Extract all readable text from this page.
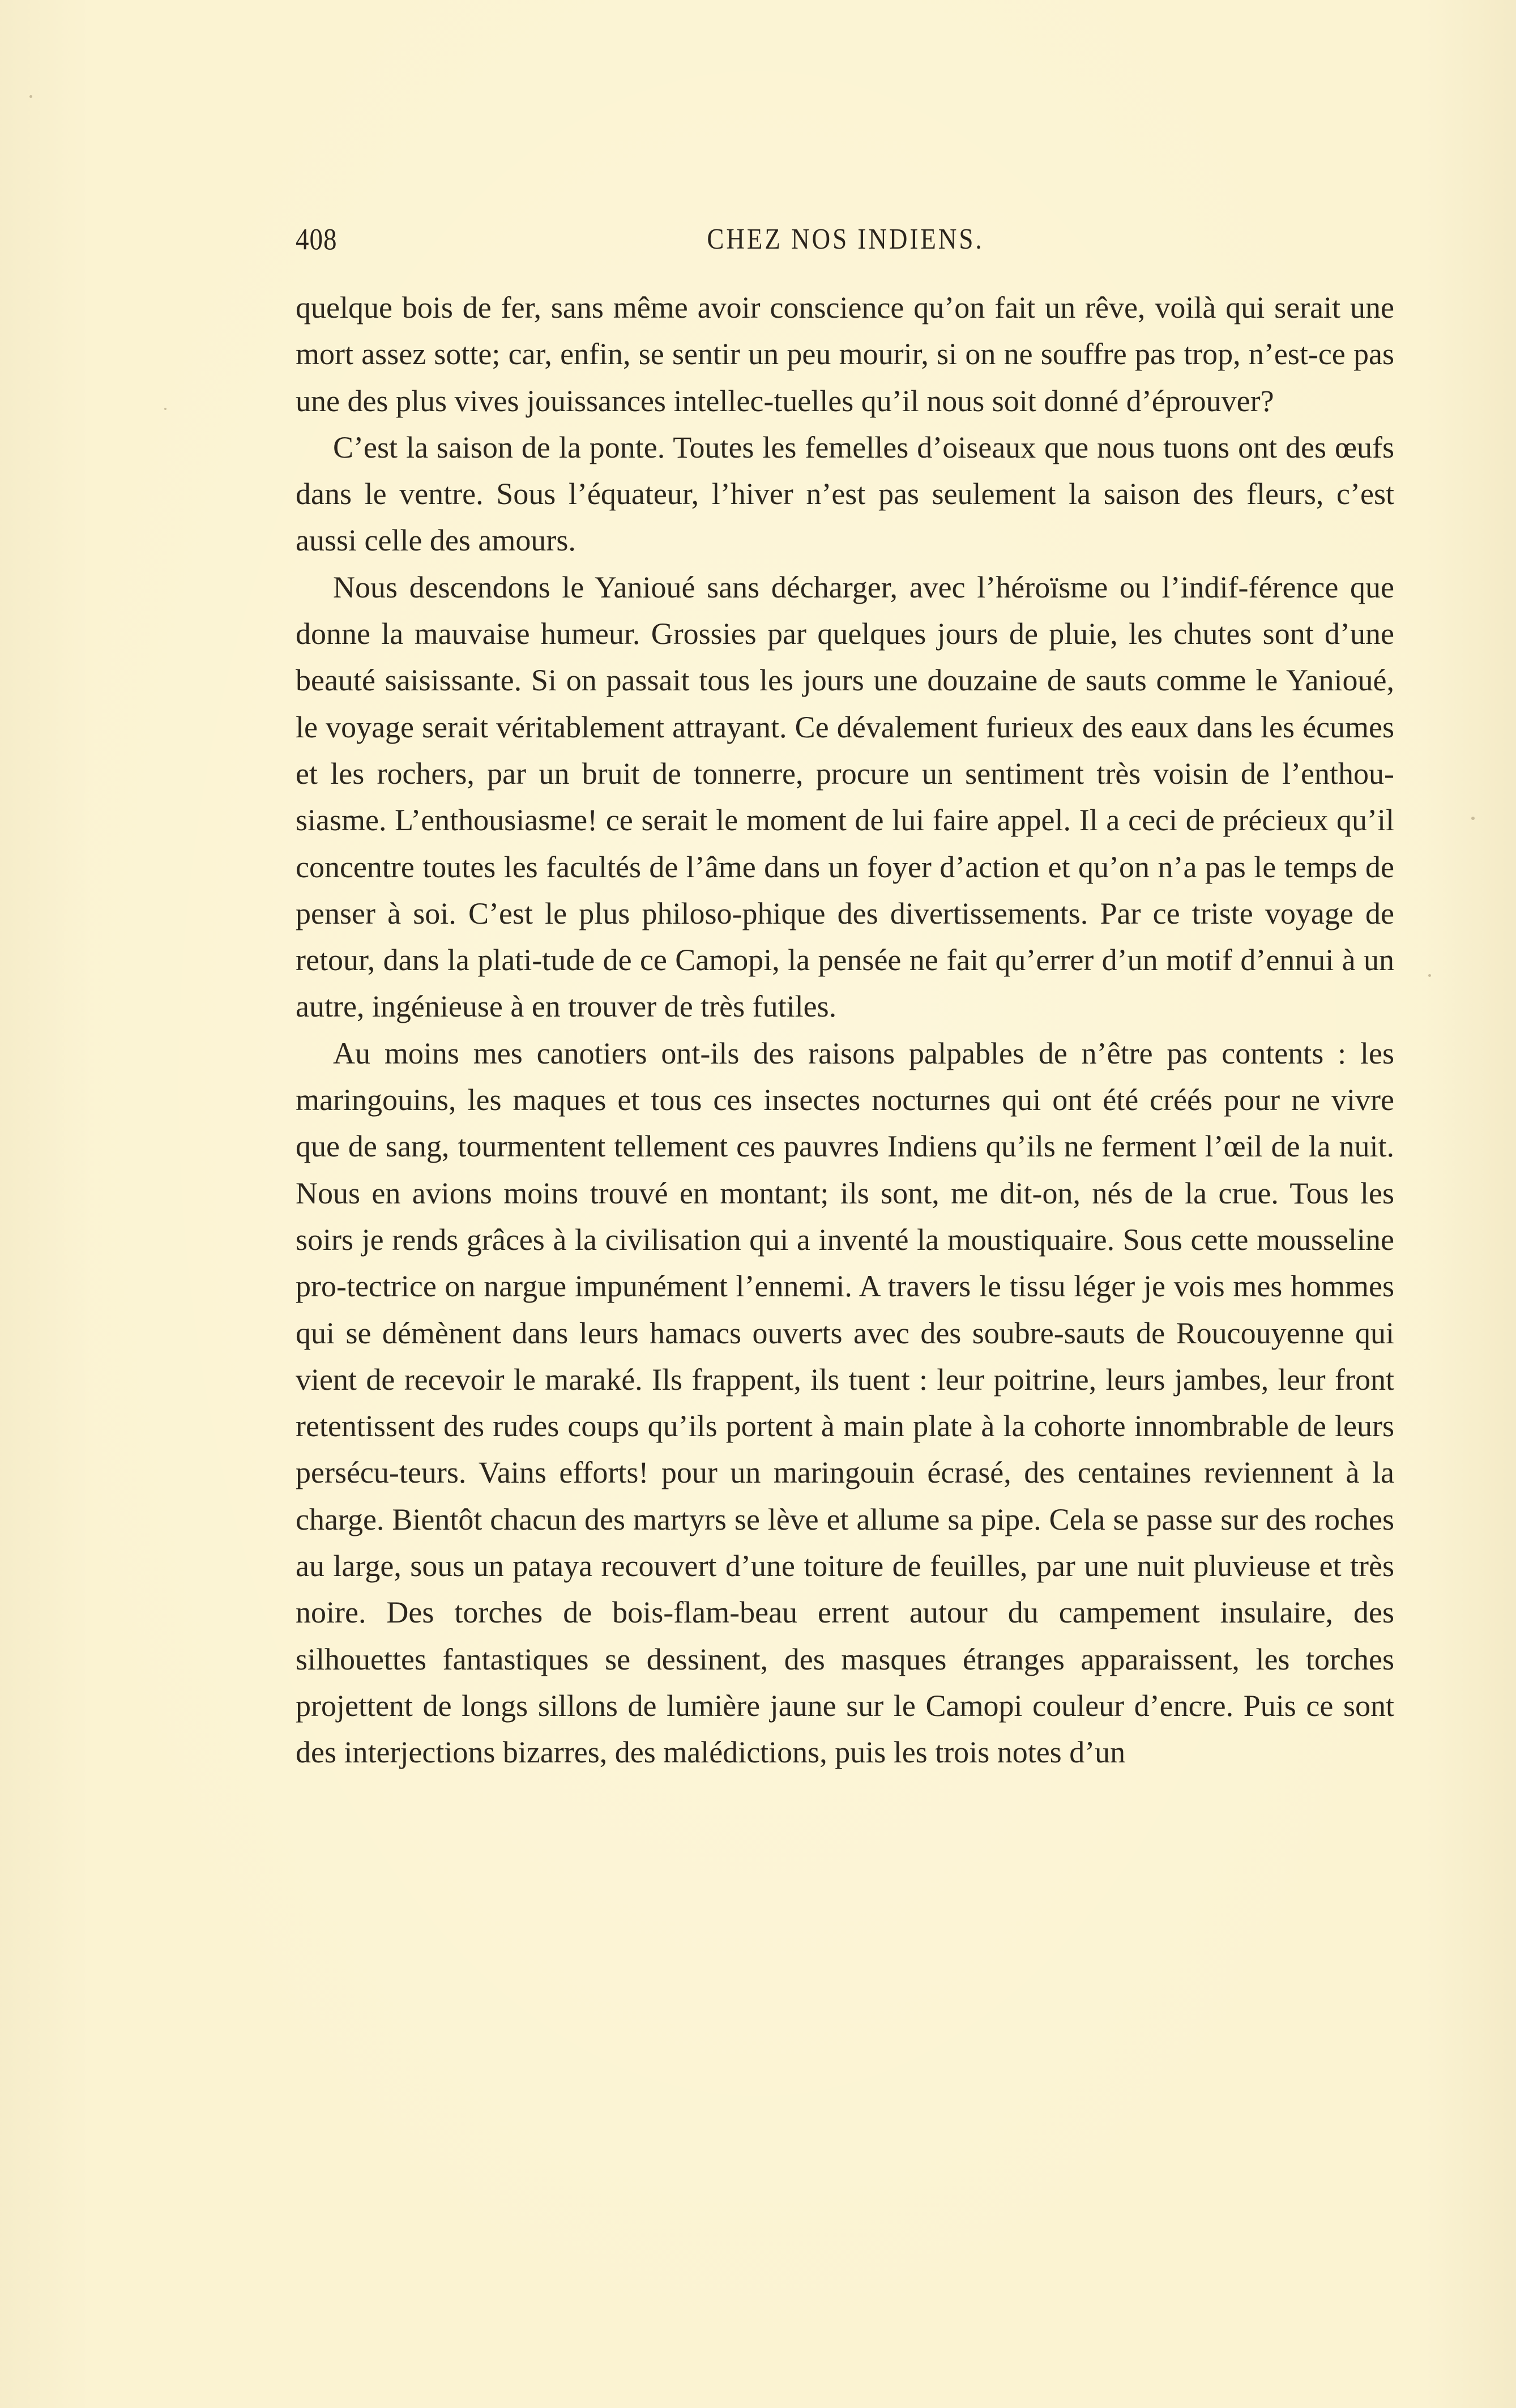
408	CHEZ NOS INDIENS.

quelque bois de fer, sans même avoir conscience qu’on fait un rêve, voilà qui serait une mort assez sotte; car, enfin, se sentir un peu mourir, si on ne souffre pas trop, n’est-ce pas une des plus vives jouissances intellec-tuelles qu’il nous soit donné d’éprouver?

C’est la saison de la ponte. Toutes les femelles d’oiseaux que nous tuons ont des œufs dans le ventre. Sous l’équateur, l’hiver n’est pas seulement la saison des fleurs, c’est aussi celle des amours.

Nous descendons le Yanioué sans décharger, avec l’héroïsme ou l’indif-férence que donne la mauvaise humeur. Grossies par quelques jours de pluie, les chutes sont d’une beauté saisissante. Si on passait tous les jours une douzaine de sauts comme le Yanioué, le voyage serait véritablement attrayant. Ce dévalement furieux des eaux dans les écumes et les rochers, par un bruit de tonnerre, procure un sentiment très voisin de l’enthou-siasme. L’enthousiasme! ce serait le moment de lui faire appel. Il a ceci de précieux qu’il concentre toutes les facultés de l’âme dans un foyer d’action et qu’on n’a pas le temps de penser à soi. C’est le plus philoso-phique des divertissements. Par ce triste voyage de retour, dans la plati-tude de ce Camopi, la pensée ne fait qu’errer d’un motif d’ennui à un autre, ingénieuse à en trouver de très futiles.

Au moins mes canotiers ont-ils des raisons palpables de n’être pas contents : les maringouins, les maques et tous ces insectes nocturnes qui ont été créés pour ne vivre que de sang, tourmentent tellement ces pauvres Indiens qu’ils ne ferment l’œil de la nuit. Nous en avions moins trouvé en montant; ils sont, me dit-on, nés de la crue. Tous les soirs je rends grâces à la civilisation qui a inventé la moustiquaire. Sous cette mousseline pro-tectrice on nargue impunément l’ennemi. A travers le tissu léger je vois mes hommes qui se démènent dans leurs hamacs ouverts avec des soubre-sauts de Roucouyenne qui vient de recevoir le maraké. Ils frappent, ils tuent : leur poitrine, leurs jambes, leur front retentissent des rudes coups qu’ils portent à main plate à la cohorte innombrable de leurs persécu-teurs. Vains efforts! pour un maringouin écrasé, des centaines reviennent à la charge. Bientôt chacun des martyrs se lève et allume sa pipe. Cela se passe sur des roches au large, sous un pataya recouvert d’une toiture de feuilles, par une nuit pluvieuse et très noire. Des torches de bois-flam-beau errent autour du campement insulaire, des silhouettes fantastiques se dessinent, des masques étranges apparaissent, les torches projettent de longs sillons de lumière jaune sur le Camopi couleur d’encre. Puis ce sont des interjections bizarres, des malédictions, puis les trois notes d’un
